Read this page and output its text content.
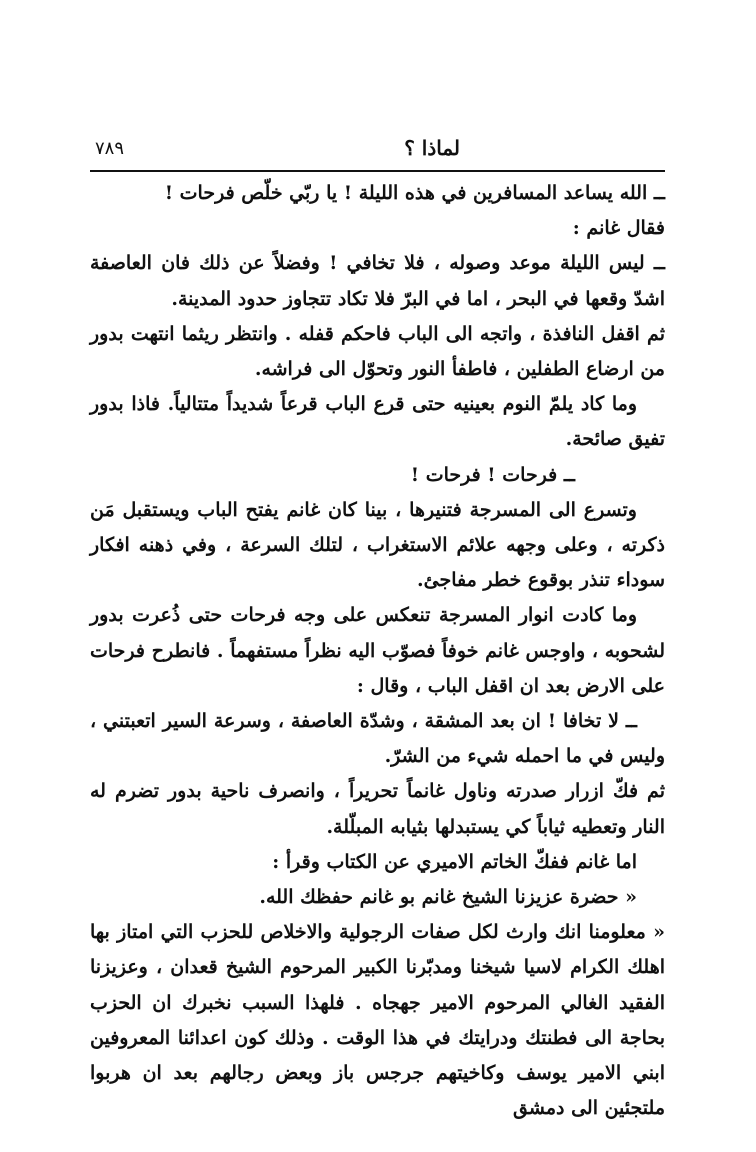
لماذا ؟
٧٨٩

ــ الله يساعد المسافرين في هذه الليلة ! يا ربّي خلّص فرحات !

فقال غانم :

ــ ليس الليلة موعد وصوله ، فلا تخافي ! وفضلاً عن ذلك فان العاصفة اشدّ وقعها في البحر ، اما في البرّ فلا تكاد تتجاوز حدود المدينة.

ثم اقفل النافذة ، واتجه الى الباب فاحكم قفله . وانتظر ريثما انتهت بدور من ارضاع الطفلين ، فاطفأ النور وتحوّل الى فراشه.

وما كاد يلمّ النوم بعينيه حتى قرع الباب قرعاً شديداً متتالياً. فاذا بدور تفيق صائحة.

ــ فرحات ! فرحات !

وتسرع الى المسرجة فتنيرها ، بينا كان غانم يفتح الباب ويستقبل مَن ذكرته ، وعلى وجهه علائم الاستغراب ، لتلك السرعة ، وفي ذهنه افكار سوداء تنذر بوقوع خطر مفاجئ.

وما كادت انوار المسرجة تنعكس على وجه فرحات حتى ذُعرت بدور لشحوبه ، واوجس غانم خوفاً فصوّب اليه نظراً مستفهماً . فانطرح فرحات على الارض بعد ان اقفل الباب ، وقال :

ــ لا تخافا ! ان بعد المشقة ، وشدّة العاصفة ، وسرعة السير اتعبتني ، وليس في ما احمله شيء من الشرّ.

ثم فكّ ازرار صدرته وناول غانماً تحريراً ، وانصرف ناحية بدور تضرم له النار وتعطيه ثياباً كي يستبدلها بثيابه المبلّلة.

اما غانم ففكّ الخاتم الاميري عن الكتاب وقرأ :

« حضرة عزيزنا الشيخ غانم بو غانم حفظك الله.

« معلومنا انك وارث لكل صفات الرجولية والاخلاص للحزب التي امتاز بها اهلك الكرام لاسيا شيخنا ومدبّرنا الكبير المرحوم الشيخ قعدان ، وعزيزنا الفقيد الغالي المرحوم الامير جهجاه . فلهذا السبب نخبرك ان الحزب بحاجة الى فطنتك ودرايتك في هذا الوقت . وذلك كون اعدائنا المعروفين ابني الامير يوسف وكاخيتهم جرجس باز وبعض رجالهم بعد ان هربوا ملتجئين الى دمشق
